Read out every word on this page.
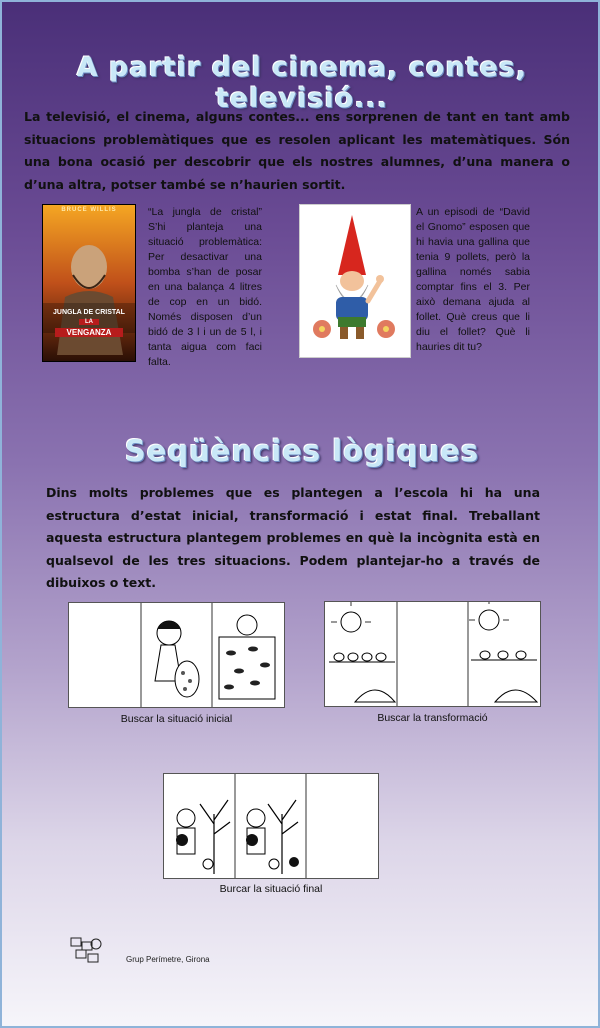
A partir del cinema, contes, televisió...

La televisió, el cinema, alguns contes... ens sorprenen de tant en tant amb situacions problemàtiques que es resolen aplicant les matemàtiques. Són una bona ocasió per descobrir que els nostres alumnes, d’una manera o d’una altra, potser també se n’haurien sortit.

BRUCE WILLIS
JUNGLA DE CRISTAL
LA
VENGANZA

“La jungla de cristal” S’hi planteja una situació problemàtica: Per desactivar una bomba s’han de posar en una balança 4 litres de cop en un bidó. Només disposen d’un bidó de 3 l i un de 5 l, i tanta aigua com faci falta.

A un episodi de “David el Gnomo” esposen que hi havia una gallina que tenia 9 pollets, però la gallina només sabia comptar fins el 3. Per això demana ajuda al follet. Què creus que li diu el follet? Què li hauries dit tu?

Seqüències lògiques

Dins molts problemes que es plantegen a l’escola hi ha una estructura d’estat inicial, transformació i estat final. Treballant aquesta estructura plantegem problemes en què la incògnita està en qualsevol de les tres situacions. Podem plantejar-ho a través de dibuixos o text.

Buscar la situació inicial	Buscar la transformació
Burcar la situació final
Grup Perímetre, Girona
